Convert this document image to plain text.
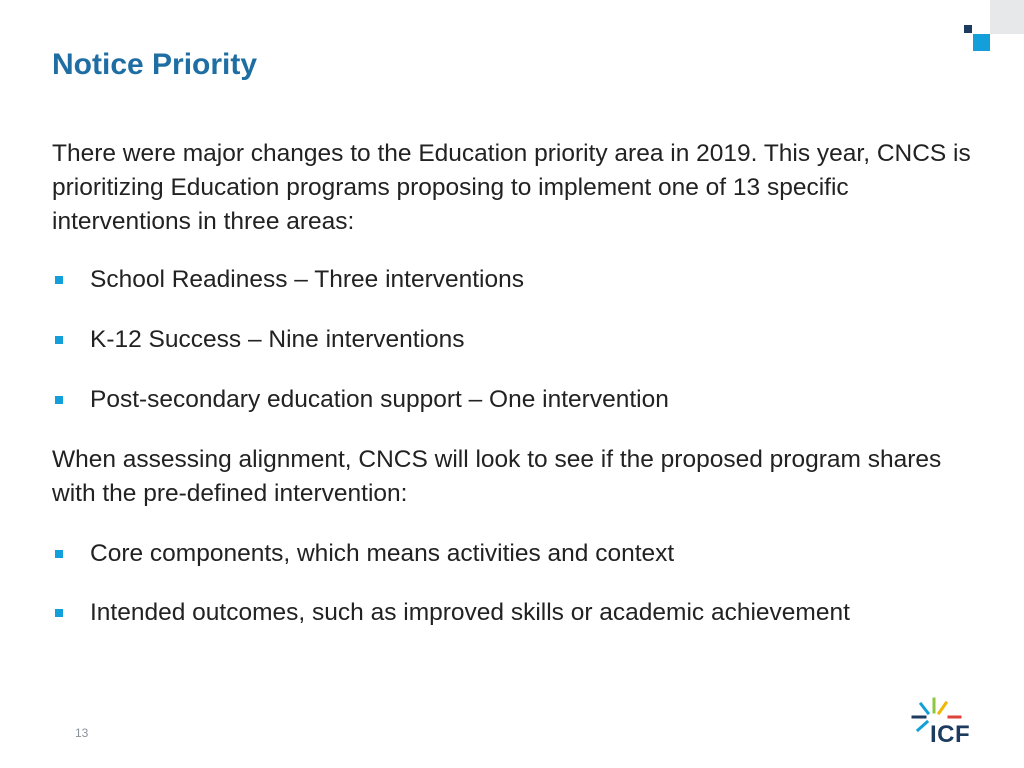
Notice Priority

There were major changes to the Education priority area in 2019. This year, CNCS is prioritizing Education programs proposing to implement one of 13 specific interventions in three areas:

School Readiness – Three interventions
K-12 Success – Nine interventions
Post-secondary education support – One intervention

When assessing alignment, CNCS will look to see if the proposed program shares with the pre-defined intervention:

Core components, which means activities and context
Intended outcomes, such as improved skills or academic achievement
13	ICF
